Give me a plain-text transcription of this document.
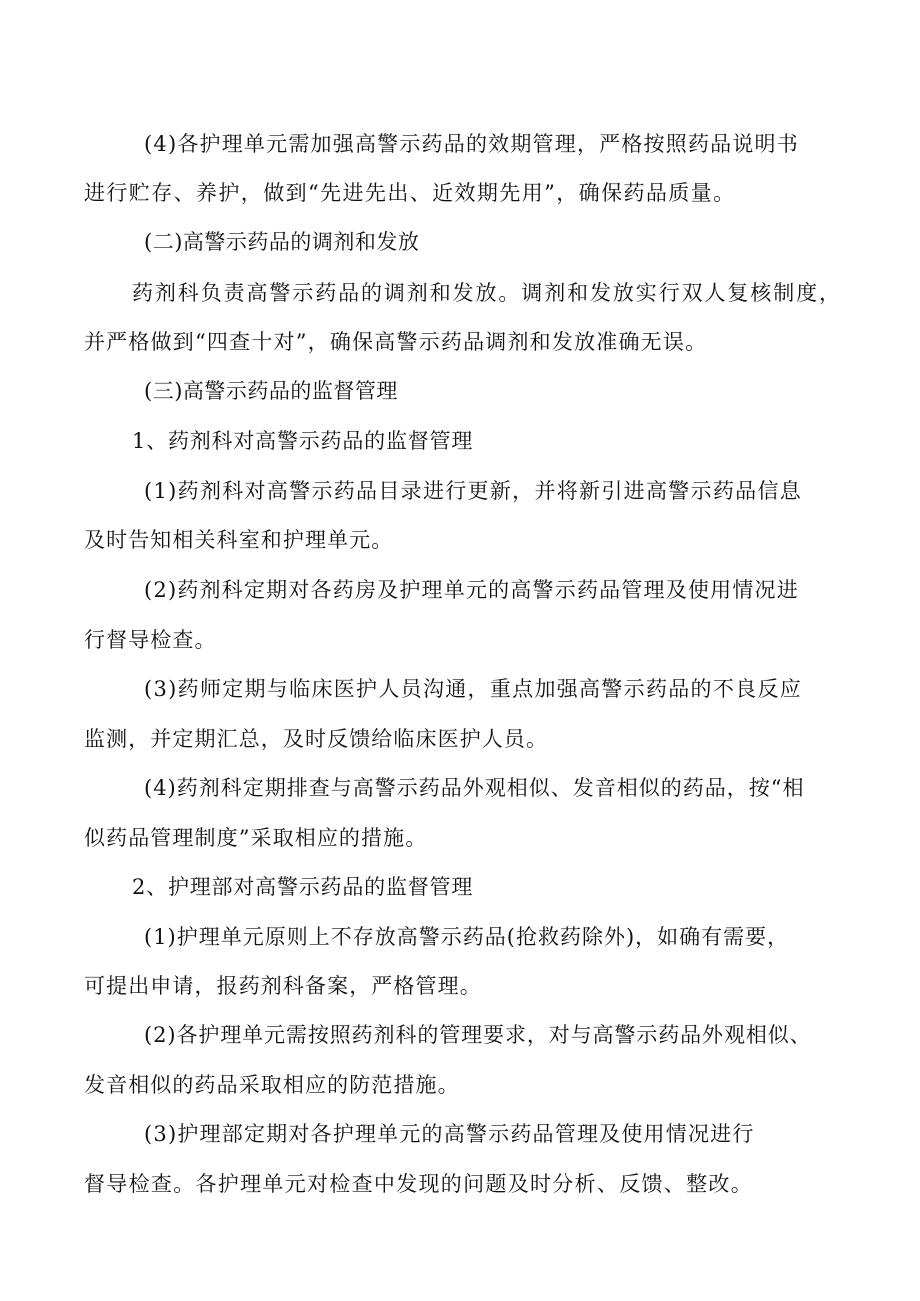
(4)各护理单元需加强高警示药品的效期管理，严格按照药品说明书
进行贮存、养护，做到“先进先出、近效期先用”，确保药品质量。
(二)高警示药品的调剂和发放
药剂科负责高警示药品的调剂和发放。调剂和发放实行双人复核制度，
并严格做到“四查十对”，确保高警示药品调剂和发放准确无误。
(三)高警示药品的监督管理
1、药剂科对高警示药品的监督管理
(1)药剂科对高警示药品目录进行更新，并将新引进高警示药品信息
及时告知相关科室和护理单元。
(2)药剂科定期对各药房及护理单元的高警示药品管理及使用情况进
行督导检查。
(3)药师定期与临床医护人员沟通，重点加强高警示药品的不良反应
监测，并定期汇总，及时反馈给临床医护人员。
(4)药剂科定期排查与高警示药品外观相似、发音相似的药品，按“相
似药品管理制度”采取相应的措施。
2、护理部对高警示药品的监督管理
(1)护理单元原则上不存放高警示药品(抢救药除外)，如确有需要，
可提出申请，报药剂科备案，严格管理。
(2)各护理单元需按照药剂科的管理要求，对与高警示药品外观相似、
发音相似的药品采取相应的防范措施。
(3)护理部定期对各护理单元的高警示药品管理及使用情况进行
督导检查。各护理单元对检查中发现的问题及时分析、反馈、整改。
